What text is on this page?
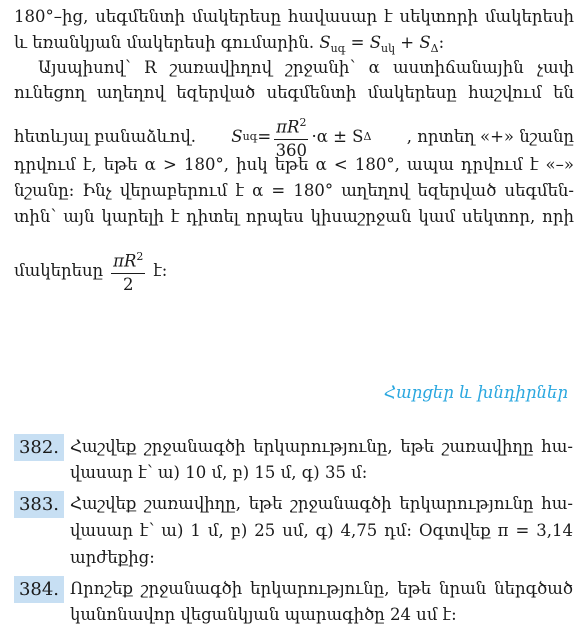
180°–ից, սեգմենտի մակերեսը հավասար է սեկտորի մակերեսի
և եռանկյան մակերեսի գումարին. $S_{սգ} = S_{սկ} + S_\Delta$:
Այսպիսով՝ R շառավիղով շրջանի՝ α աստիճանային չափ
ունեցող աղեղով եզերված սեգմենտի մակերեսը հաշվում են
հետևյալ բանաձևով. S սգ = $\frac{\pi R^2}{360} \cdot\alpha \pm S$ Δ , որտեղ «+» նշանը
դրվում է, եթե α > 180°, իսկ եթե α < 180°, ապա դրվում է «–»
նշանը: Ինչ վերաբերում է α = 180° աղեղով եզերված սեգմեն-
տին՝ այն կարելի է դիտել որպես կիսաշրջան կամ սեկտոր, որի
մակերեսը $\frac{\pi R^2}{2}$ է:
Հարցեր և խնդիրներ
382. Հաշվեք շրջանագծի երկարությունը, եթե շառավիղը հա-
վասար է՝ ա) 10 մ, բ) 15 մ, գ) 35 մ:
383. Հաշվեք շառավիղը, եթե շրջանագծի երկարությունը հա-
վասար է՝ ա) 1 մ, բ) 25 սմ, գ) 4,75 դմ: Օգտվեք π = 3,14
արժեքից:
384. Որոշեք շրջանագծի երկարությունը, եթե նրան ներգծած
կանոնավոր վեցանկյան պարագիծը 24 սմ է:
